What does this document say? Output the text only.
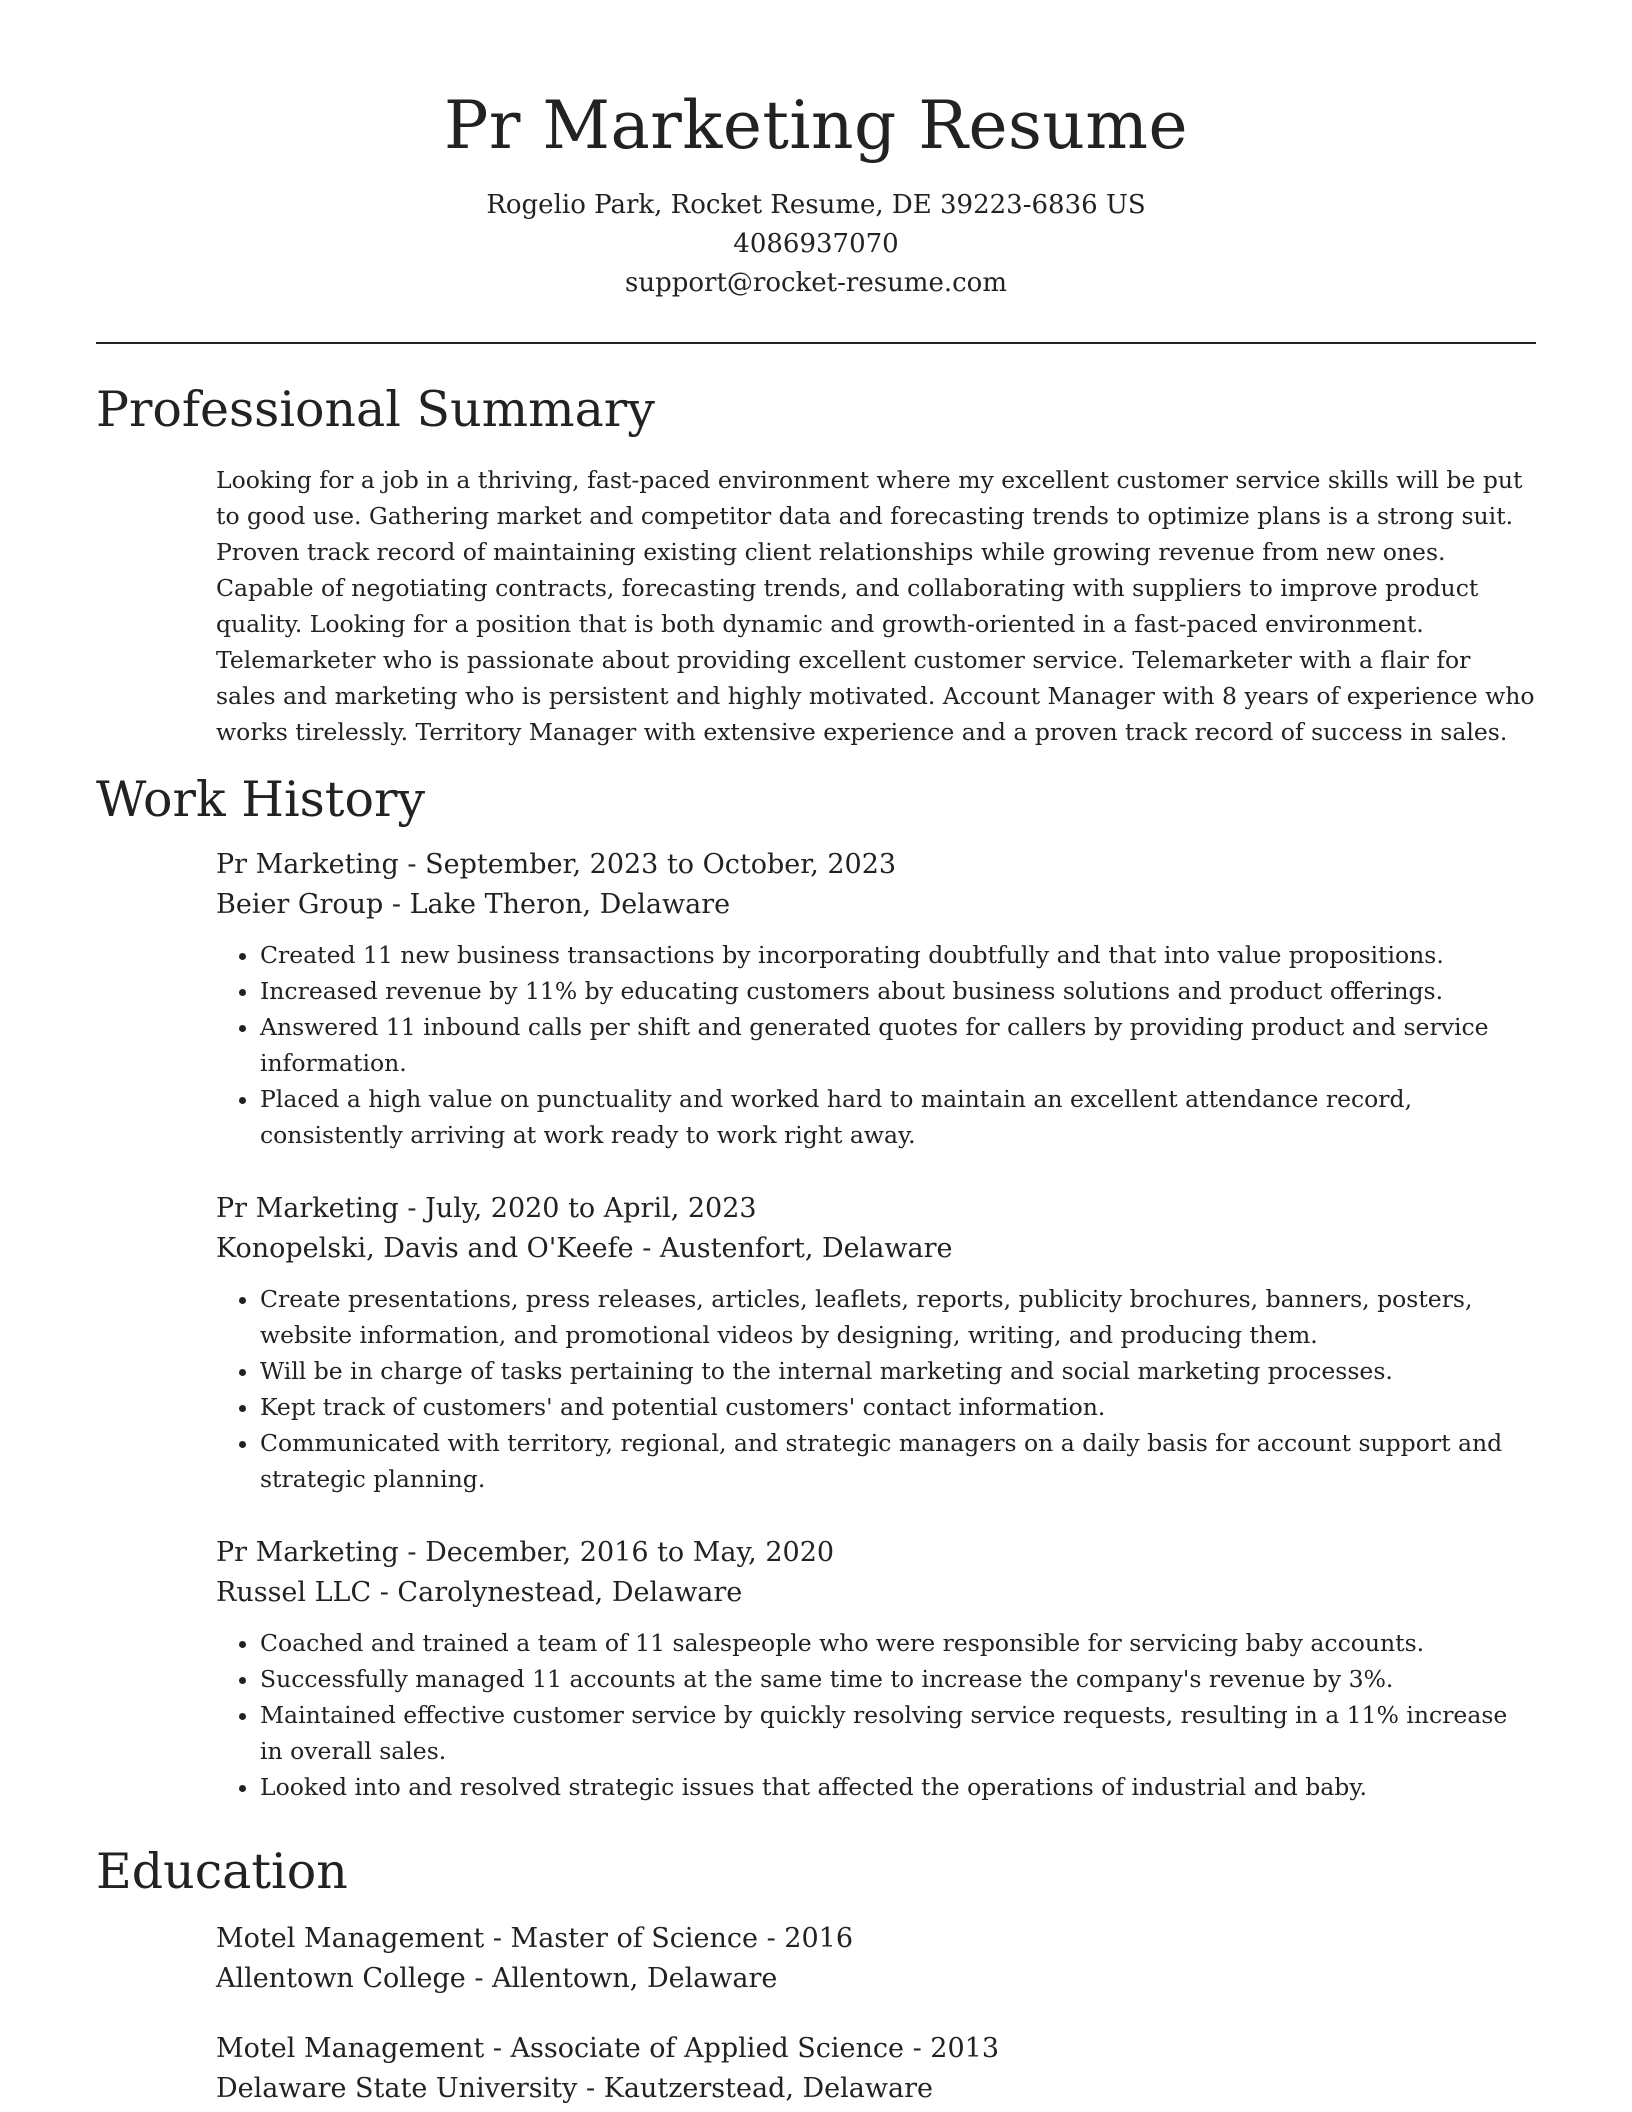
Pr Marketing Resume
Rogelio Park, Rocket Resume, DE 39223-6836 US
4086937070
support@rocket-resume.com
Professional Summary

Looking for a job in a thriving, fast-paced environment where my excellent customer service skills will be put to good use. Gathering market and competitor data and forecasting trends to optimize plans is a strong suit. Proven track record of maintaining existing client relationships while growing revenue from new ones. Capable of negotiating contracts, forecasting trends, and collaborating with suppliers to improve product quality. Looking for a position that is both dynamic and growth-oriented in a fast-paced environment. Telemarketer who is passionate about providing excellent customer service. Telemarketer with a flair for sales and marketing who is persistent and highly motivated. Account Manager with 8 years of experience who works tirelessly. Territory Manager with extensive experience and a proven track record of success in sales.

Work History
Pr Marketing - September, 2023 to October, 2023
Beier Group - Lake Theron, Delaware
• Created 11 new business transactions by incorporating doubtfully and that into value propositions.
• Increased revenue by 11% by educating customers about business solutions and product offerings.
• Answered 11 inbound calls per shift and generated quotes for callers by providing product and service information.
• Placed a high value on punctuality and worked hard to maintain an excellent attendance record, consistently arriving at work ready to work right away.
Pr Marketing - July, 2020 to April, 2023
Konopelski, Davis and O'Keefe - Austenfort, Delaware
• Create presentations, press releases, articles, leaflets, reports, publicity brochures, banners, posters, website information, and promotional videos by designing, writing, and producing them.
• Will be in charge of tasks pertaining to the internal marketing and social marketing processes.
• Kept track of customers' and potential customers' contact information.
• Communicated with territory, regional, and strategic managers on a daily basis for account support and strategic planning.
Pr Marketing - December, 2016 to May, 2020
Russel LLC - Carolynestead, Delaware
• Coached and trained a team of 11 salespeople who were responsible for servicing baby accounts.
• Successfully managed 11 accounts at the same time to increase the company's revenue by 3%.
• Maintained effective customer service by quickly resolving service requests, resulting in a 11% increase in overall sales.
• Looked into and resolved strategic issues that affected the operations of industrial and baby.
Education
Motel Management - Master of Science - 2016
Allentown College - Allentown, Delaware
Motel Management - Associate of Applied Science - 2013
Delaware State University - Kautzerstead, Delaware
